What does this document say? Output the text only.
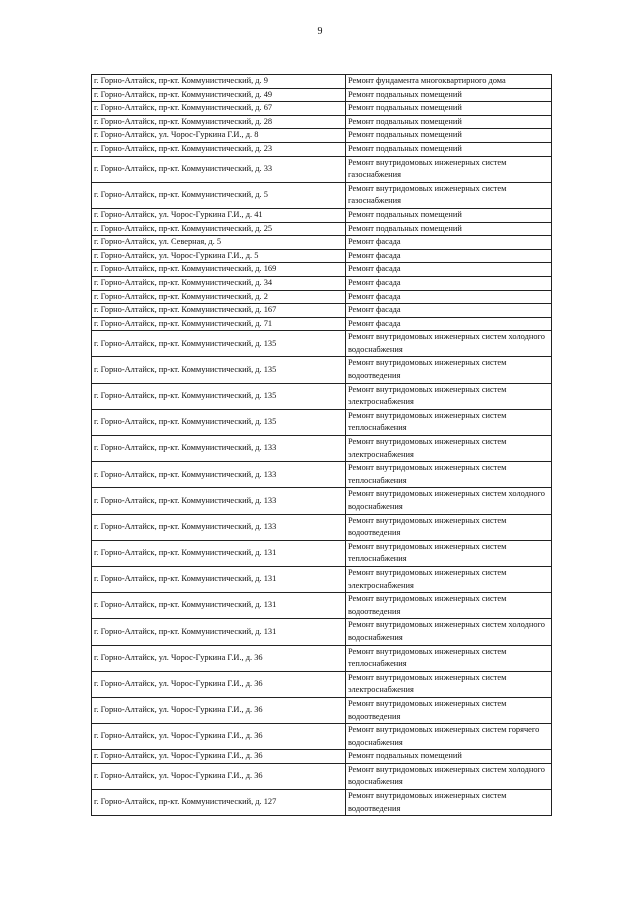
9
г. Горно-Алтайск, пр-кт. Коммунистический, д. 9	Ремонт фундамента многоквартирного дома
г. Горно-Алтайск, пр-кт. Коммунистический, д. 49	Ремонт подвальных помещений
г. Горно-Алтайск, пр-кт. Коммунистический, д. 67	Ремонт подвальных помещений
г. Горно-Алтайск, пр-кт. Коммунистический, д. 28	Ремонт подвальных помещений
г. Горно-Алтайск, ул. Чорос-Гуркина Г.И., д. 8	Ремонт подвальных помещений
г. Горно-Алтайск, пр-кт. Коммунистический, д. 23	Ремонт подвальных помещений
г. Горно-Алтайск, пр-кт. Коммунистический, д. 33	Ремонт внутридомовых инженерных систем газоснабжения
г. Горно-Алтайск, пр-кт. Коммунистический, д. 5	Ремонт внутридомовых инженерных систем газоснабжения
г. Горно-Алтайск, ул. Чорос-Гуркина Г.И., д. 41	Ремонт подвальных помещений
г. Горно-Алтайск, пр-кт. Коммунистический, д. 25	Ремонт подвальных помещений
г. Горно-Алтайск, ул. Северная, д. 5	Ремонт фасада
г. Горно-Алтайск, ул. Чорос-Гуркина Г.И., д. 5	Ремонт фасада
г. Горно-Алтайск, пр-кт. Коммунистический, д. 169	Ремонт фасада
г. Горно-Алтайск, пр-кт. Коммунистический, д. 34	Ремонт фасада
г. Горно-Алтайск, пр-кт. Коммунистический, д. 2	Ремонт фасада
г. Горно-Алтайск, пр-кт. Коммунистический, д. 167	Ремонт фасада
г. Горно-Алтайск, пр-кт. Коммунистический, д. 71	Ремонт фасада
г. Горно-Алтайск, пр-кт. Коммунистический, д. 135	Ремонт внутридомовых инженерных систем холодного водоснабжения
г. Горно-Алтайск, пр-кт. Коммунистический, д. 135	Ремонт внутридомовых инженерных систем водоотведения
г. Горно-Алтайск, пр-кт. Коммунистический, д. 135	Ремонт внутридомовых инженерных систем электроснабжения
г. Горно-Алтайск, пр-кт. Коммунистический, д. 135	Ремонт внутридомовых инженерных систем теплоснабжения
г. Горно-Алтайск, пр-кт. Коммунистический, д. 133	Ремонт внутридомовых инженерных систем электроснабжения
г. Горно-Алтайск, пр-кт. Коммунистический, д. 133	Ремонт внутридомовых инженерных систем теплоснабжения
г. Горно-Алтайск, пр-кт. Коммунистический, д. 133	Ремонт внутридомовых инженерных систем холодного водоснабжения
г. Горно-Алтайск, пр-кт. Коммунистический, д. 133	Ремонт внутридомовых инженерных систем водоотведения
г. Горно-Алтайск, пр-кт. Коммунистический, д. 131	Ремонт внутридомовых инженерных систем теплоснабжения
г. Горно-Алтайск, пр-кт. Коммунистический, д. 131	Ремонт внутридомовых инженерных систем электроснабжения
г. Горно-Алтайск, пр-кт. Коммунистический, д. 131	Ремонт внутридомовых инженерных систем водоотведения
г. Горно-Алтайск, пр-кт. Коммунистический, д. 131	Ремонт внутридомовых инженерных систем холодного водоснабжения
г. Горно-Алтайск, ул. Чорос-Гуркина Г.И., д. 36	Ремонт внутридомовых инженерных систем теплоснабжения
г. Горно-Алтайск, ул. Чорос-Гуркина Г.И., д. 36	Ремонт внутридомовых инженерных систем электроснабжения
г. Горно-Алтайск, ул. Чорос-Гуркина Г.И., д. 36	Ремонт внутридомовых инженерных систем водоотведения
г. Горно-Алтайск, ул. Чорос-Гуркина Г.И., д. 36	Ремонт внутридомовых инженерных систем горячего водоснабжения
г. Горно-Алтайск, ул. Чорос-Гуркина Г.И., д. 36	Ремонт подвальных помещений
г. Горно-Алтайск, ул. Чорос-Гуркина Г.И., д. 36	Ремонт внутридомовых инженерных систем холодного водоснабжения
г. Горно-Алтайск, пр-кт. Коммунистический, д. 127	Ремонт внутридомовых инженерных систем водоотведения
